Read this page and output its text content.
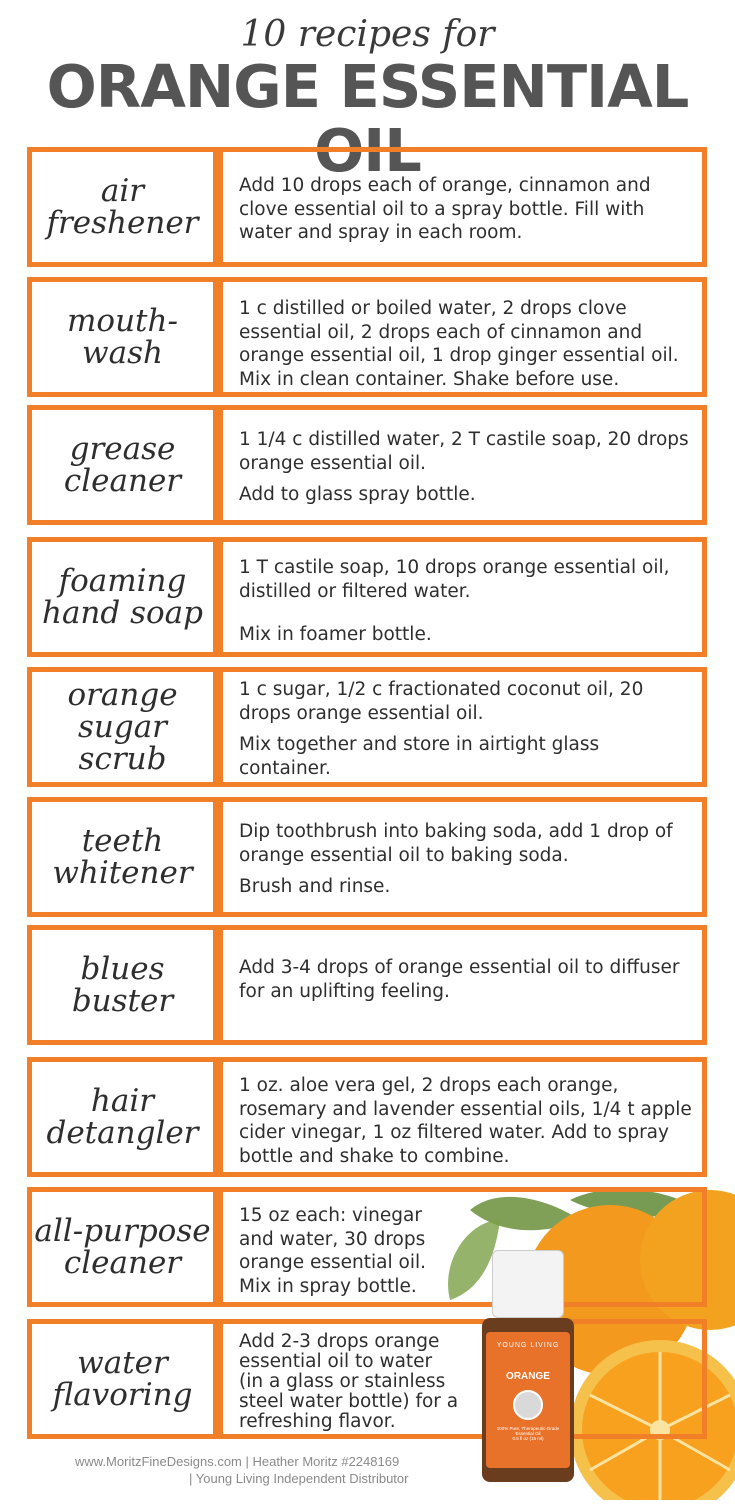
10 recipes for
ORANGE ESSENTIAL OIL
air freshener

Add 10 drops each of orange, cinnamon and clove essential oil to a spray bottle. Fill with water and spray in each room.

mouth-wash

1 c distilled or boiled water, 2 drops clove essential oil, 2 drops each of cinnamon and orange essential oil, 1 drop ginger essential oil. Mix in clean container. Shake before use.

grease cleaner

1 1/4 c distilled water, 2 T castile soap, 20 drops orange essential oil.

Add to glass spray bottle.

foaming hand soap

1 T castile soap, 10 drops orange essential oil, distilled or filtered water.

Mix in foamer bottle.

orange sugar scrub

1 c sugar, 1/2 c fractionated coconut oil, 20 drops orange essential oil.

Mix together and store in airtight glass container.

teeth whitener

Dip toothbrush into baking soda, add 1 drop of orange essential oil to baking soda.

Brush and rinse.

blues buster

Add 3-4 drops of orange essential oil to diffuser for an uplifting feeling.

hair detangler

1 oz. aloe vera gel, 2 drops each orange, rosemary and lavender essential oils, 1/4 t apple cider vinegar, 1 oz filtered water. Add to spray bottle and shake to combine.

all-purpose cleaner

15 oz each: vinegar and water, 30 drops orange essential oil.

Mix in spray bottle.

water flavoring

Add 2-3 drops orange essential oil to water (in a glass or stainless steel water bottle) for a refreshing flavor.

YOUNG LIVING
ORANGE
100% Pure, Therapeutic-Grade
Essential Oil
0.5 fl oz (15 ml)
www.MoritzFineDesigns.com | Heather Moritz #2248169
| Young Living Independent Distributor
